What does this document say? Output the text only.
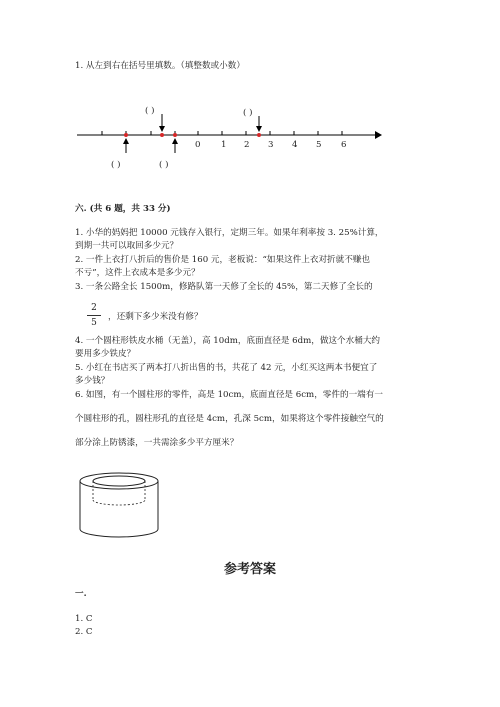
1. 从左到右在括号里填数。（填整数或小数）
0 1 2 3 4 5 6
( )	( )
( )	( )
六. (共 6 题，共 33 分)
1. 小华的妈妈把 10000 元钱存入银行，定期三年。如果年利率按 3. 25%计算，
到期一共可以取回多少元？
2. 一件上衣打八折后的售价是 160 元，老板说：“如果这件上衣对折就不赚也
不亏”，这件上衣成本是多少元？
3. 一条公路全长 1500m，修路队第一天修了全长的 45%，第二天修了全长的
2
5
，还剩下多少米没有修？
4. 一个圆柱形铁皮水桶（无盖），高 10dm，底面直径是 6dm，做这个水桶大约
要用多少铁皮？
5. 小红在书店买了两本打八折出售的书，共花了 42 元，小红买这两本书便宜了
多少钱？
6. 如图，有一个圆柱形的零件，高是 10cm，底面直径是 6cm，零件的一端有一
个圆柱形的孔，圆柱形孔的直径是 4cm，孔深 5cm，如果将这个零件接触空气的
部分涂上防锈漆，一共需涂多少平方厘米？
参考答案
一.
1. C
2. C
